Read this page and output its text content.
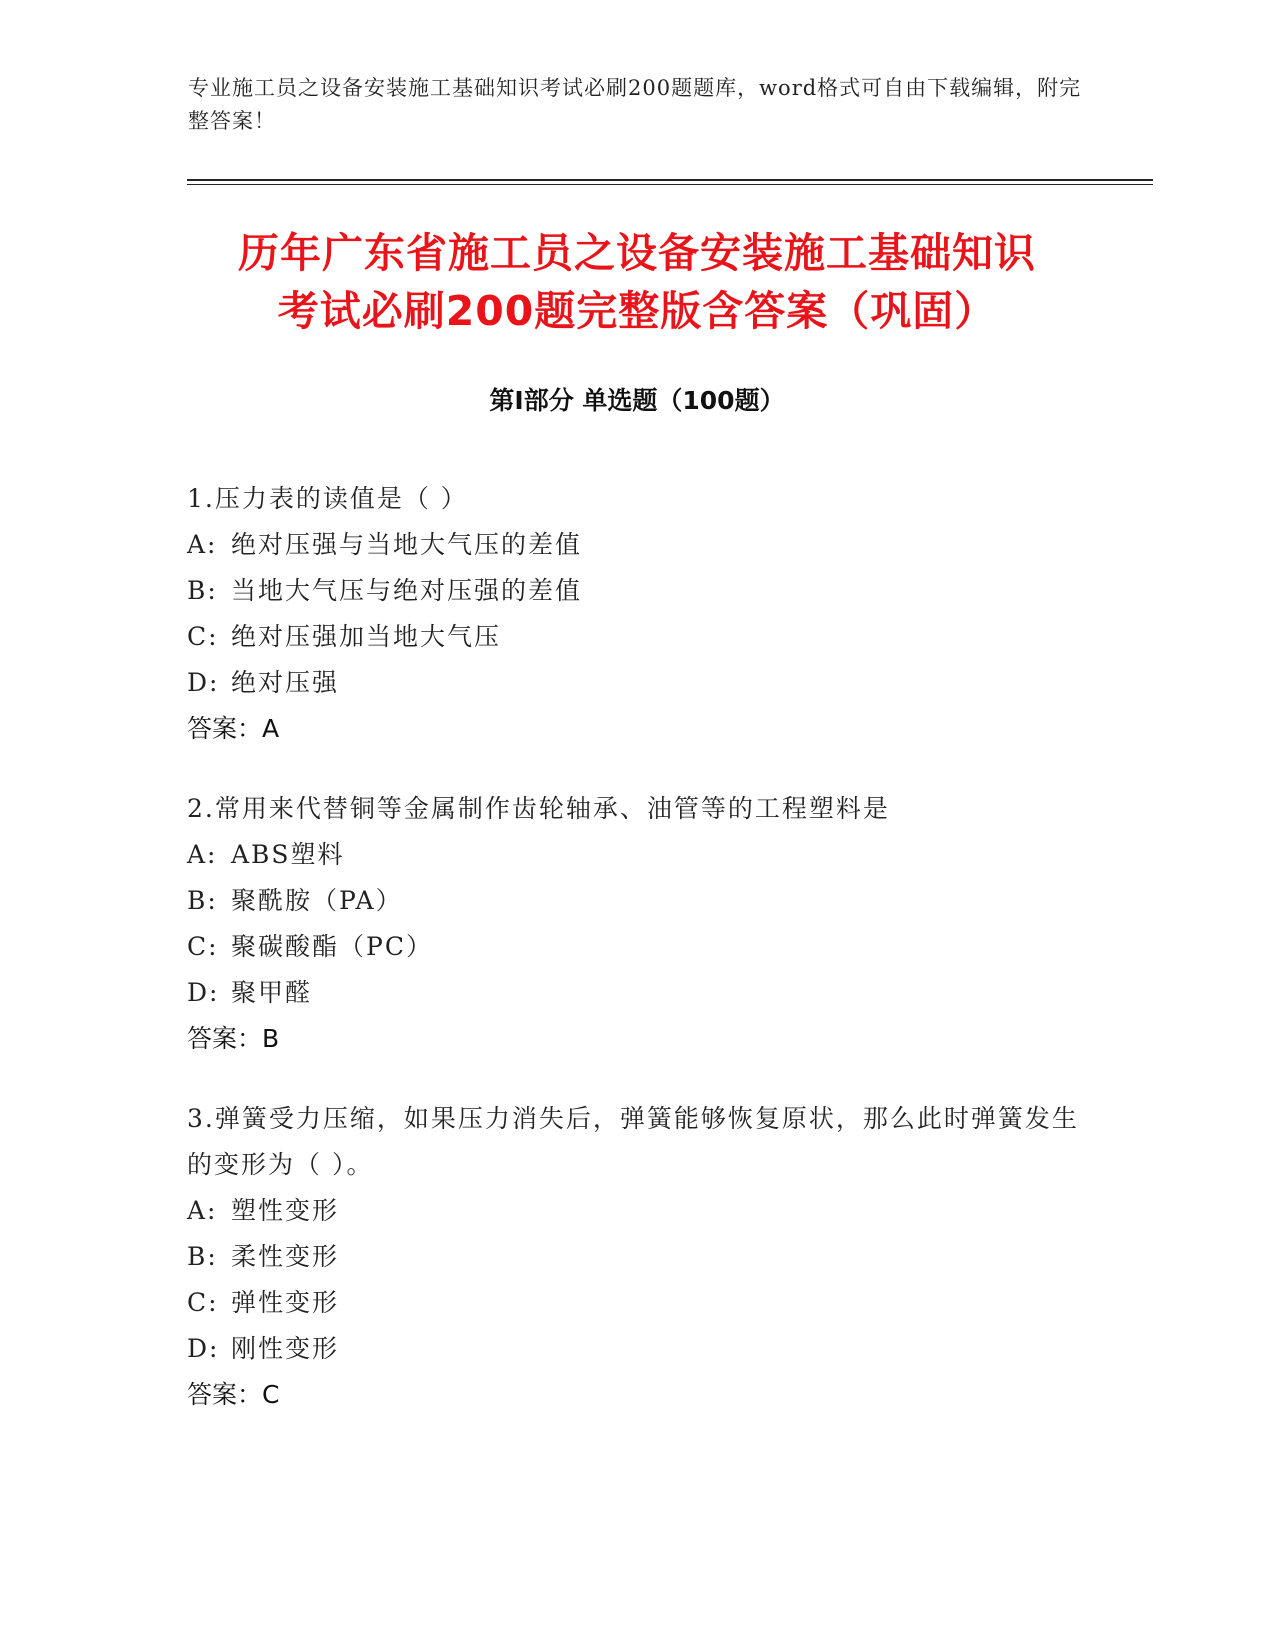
专业施工员之设备安装施工基础知识考试必刷200题题库，word格式可自由下载编辑，附完整答案！
历年广东省施工员之设备安装施工基础知识
考试必刷200题完整版含答案（巩固）
第Ⅰ部分 单选题（100题）
1.压力表的读值是（ ）
A: 绝对压强与当地大气压的差值
B: 当地大气压与绝对压强的差值
C: 绝对压强加当地大气压
D: 绝对压强
答案：A
2.常用来代替铜等金属制作齿轮轴承、油管等的工程塑料是
A: ABS塑料
B: 聚酰胺（PA）
C: 聚碳酸酯（PC）
D: 聚甲醛
答案：B
3.弹簧受力压缩，如果压力消失后，弹簧能够恢复原状，那么此时弹簧发生的变形为（ ）。
A: 塑性变形
B: 柔性变形
C: 弹性变形
D: 刚性变形
答案：C
